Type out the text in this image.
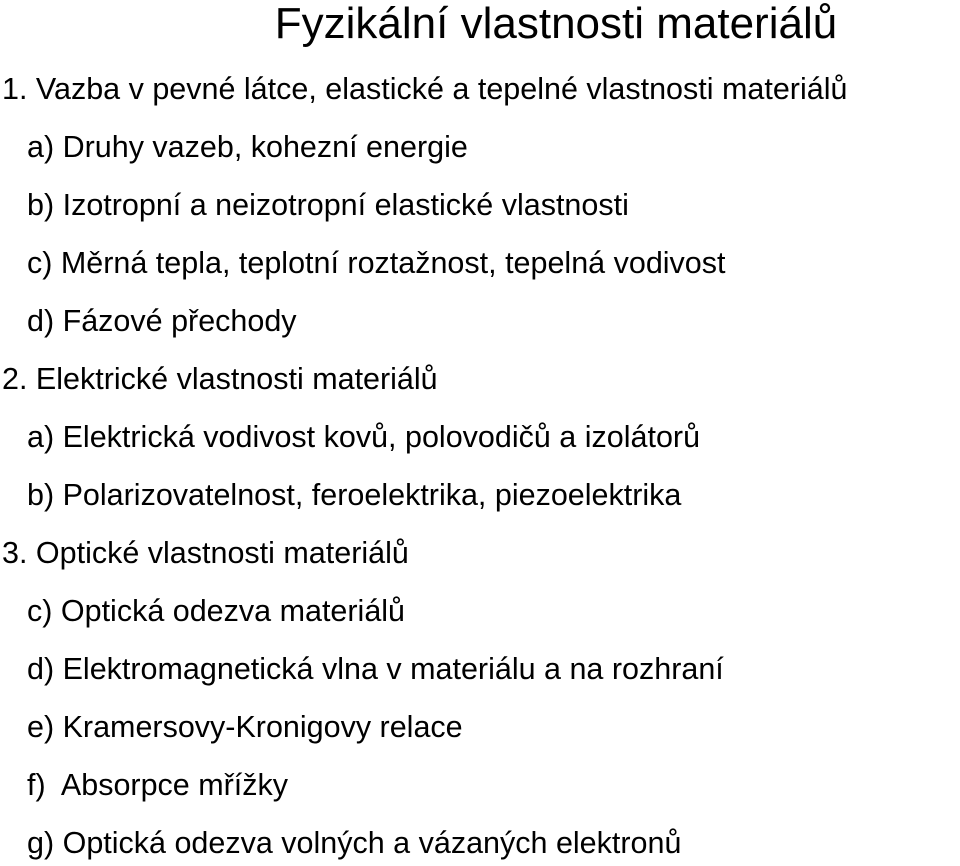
Fyzikální vlastnosti materiálů
1. Vazba v pevné látce, elastické a tepelné vlastnosti materiálů
a) Druhy vazeb, kohezní energie
b) Izotropní a neizotropní elastické vlastnosti
c) Měrná tepla, teplotní roztažnost, tepelná vodivost
d) Fázové přechody
2. Elektrické vlastnosti materiálů
a) Elektrická vodivost kovů, polovodičů a izolátorů
b) Polarizovatelnost, feroelektrika, piezoelektrika
3. Optické vlastnosti materiálů
c) Optická odezva materiálů
d) Elektromagnetická vlna v materiálu a na rozhraní
e) Kramersovy-Kronigovy relace
f)  Absorpce mřížky
g) Optická odezva volných a vázaných elektronů
